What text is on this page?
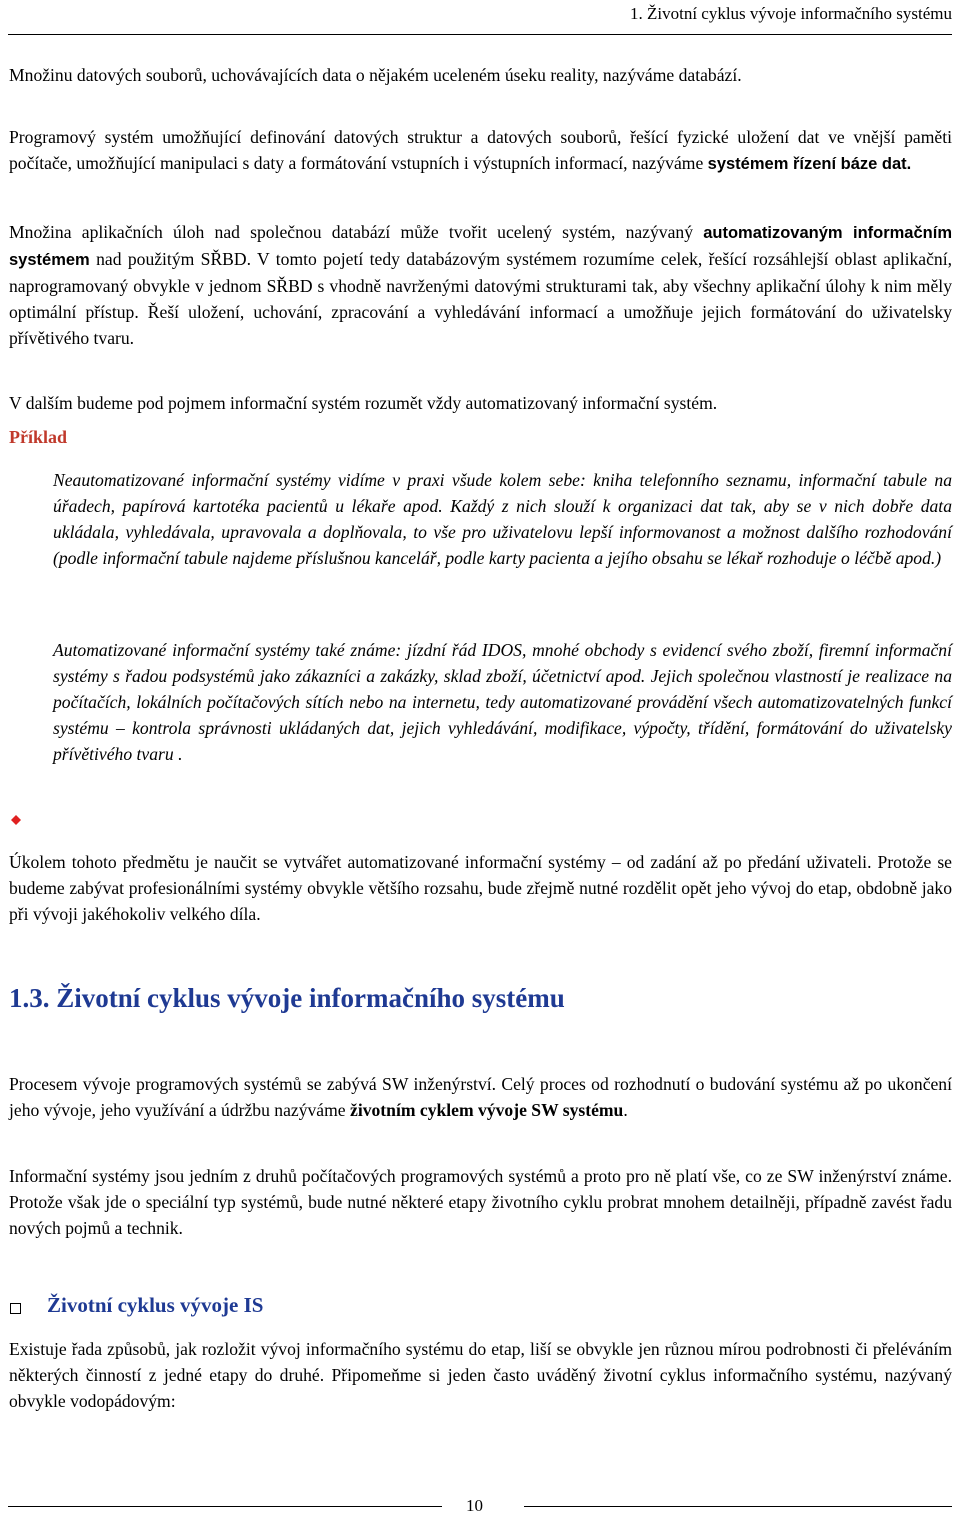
1. Životní cyklus vývoje informačního systému

Množinu datových souborů, uchovávajících data o nějakém uceleném úseku reality, nazýváme databází.

Programový systém umožňující definování datových struktur a datových souborů, řešící fyzické uložení dat ve vnější paměti počítače, umožňující manipulaci s daty a formátování vstupních i výstupních informací, nazýváme systémem řízení báze dat.

Množina aplikačních úloh nad společnou databází může tvořit ucelený systém, nazývaný automatizovaným informačním systémem nad použitým SŘBD. V tomto pojetí tedy databázovým systémem rozumíme celek, řešící rozsáhlejší oblast aplikační, naprogramovaný obvykle v jednom SŘBD s vhodně navrženými datovými strukturami tak, aby všechny aplikační úlohy k nim měly optimální přístup. Řeší uložení, uchování, zpracování a vyhledávání informací a umožňuje jejich formátování do uživatelsky přívětivého tvaru.

V dalším budeme pod pojmem informační systém rozumět vždy automatizovaný informační systém.

Příklad

Neautomatizované informační systémy vidíme v praxi všude kolem sebe: kniha telefonního seznamu, informační tabule na úřadech, papírová kartotéka pacientů u lékaře apod. Každý z nich slouží k organizaci dat tak, aby se v nich dobře data ukládala, vyhledávala, upravovala a doplňovala, to vše pro uživatelovu lepší informovanost a možnost dalšího rozhodování (podle informační tabule najdeme příslušnou kancelář, podle karty pacienta a jejího obsahu se lékař rozhoduje o léčbě apod.)

Automatizované informační systémy také známe: jízdní řád IDOS, mnohé obchody s evidencí svého zboží, firemní informační systémy s řadou podsystémů jako zákazníci a zakázky, sklad zboží, účetnictví apod. Jejich společnou vlastností je realizace na počítačích, lokálních počítačových sítích nebo na internetu, tedy automatizované provádění všech automatizovatelných funkcí systému – kontrola správnosti ukládaných dat, jejich vyhledávání, modifikace, výpočty, třídění, formátování do uživatelsky přívětivého tvaru .

Úkolem tohoto předmětu je naučit se vytvářet automatizované informační systémy – od zadání až po předání uživateli. Protože se budeme zabývat profesionálními systémy obvykle většího rozsahu, bude zřejmě nutné rozdělit opět jeho vývoj do etap, obdobně jako při vývoji jakéhokoliv velkého díla.

1.3. Životní cyklus vývoje informačního systému

Procesem vývoje programových systémů se zabývá SW inženýrství. Celý proces od rozhodnutí o budování systému až po ukončení jeho vývoje, jeho využívání a údržbu nazýváme životním cyklem vývoje SW systému.

Informační systémy jsou jedním z druhů počítačových programových systémů a proto pro ně platí vše, co ze SW inženýrství známe. Protože však jde o speciální typ systémů, bude nutné některé etapy životního cyklu probrat mnohem detailněji, případně zavést řadu nových pojmů a technik.

Životní cyklus vývoje IS

Existuje řada způsobů, jak rozložit vývoj informačního systému do etap, liší se obvykle jen různou mírou podrobnosti či přeléváním některých činností z jedné etapy do druhé. Připomeňme si jeden často uváděný životní cyklus informačního systému, nazývaný obvykle vodopádovým:

10
